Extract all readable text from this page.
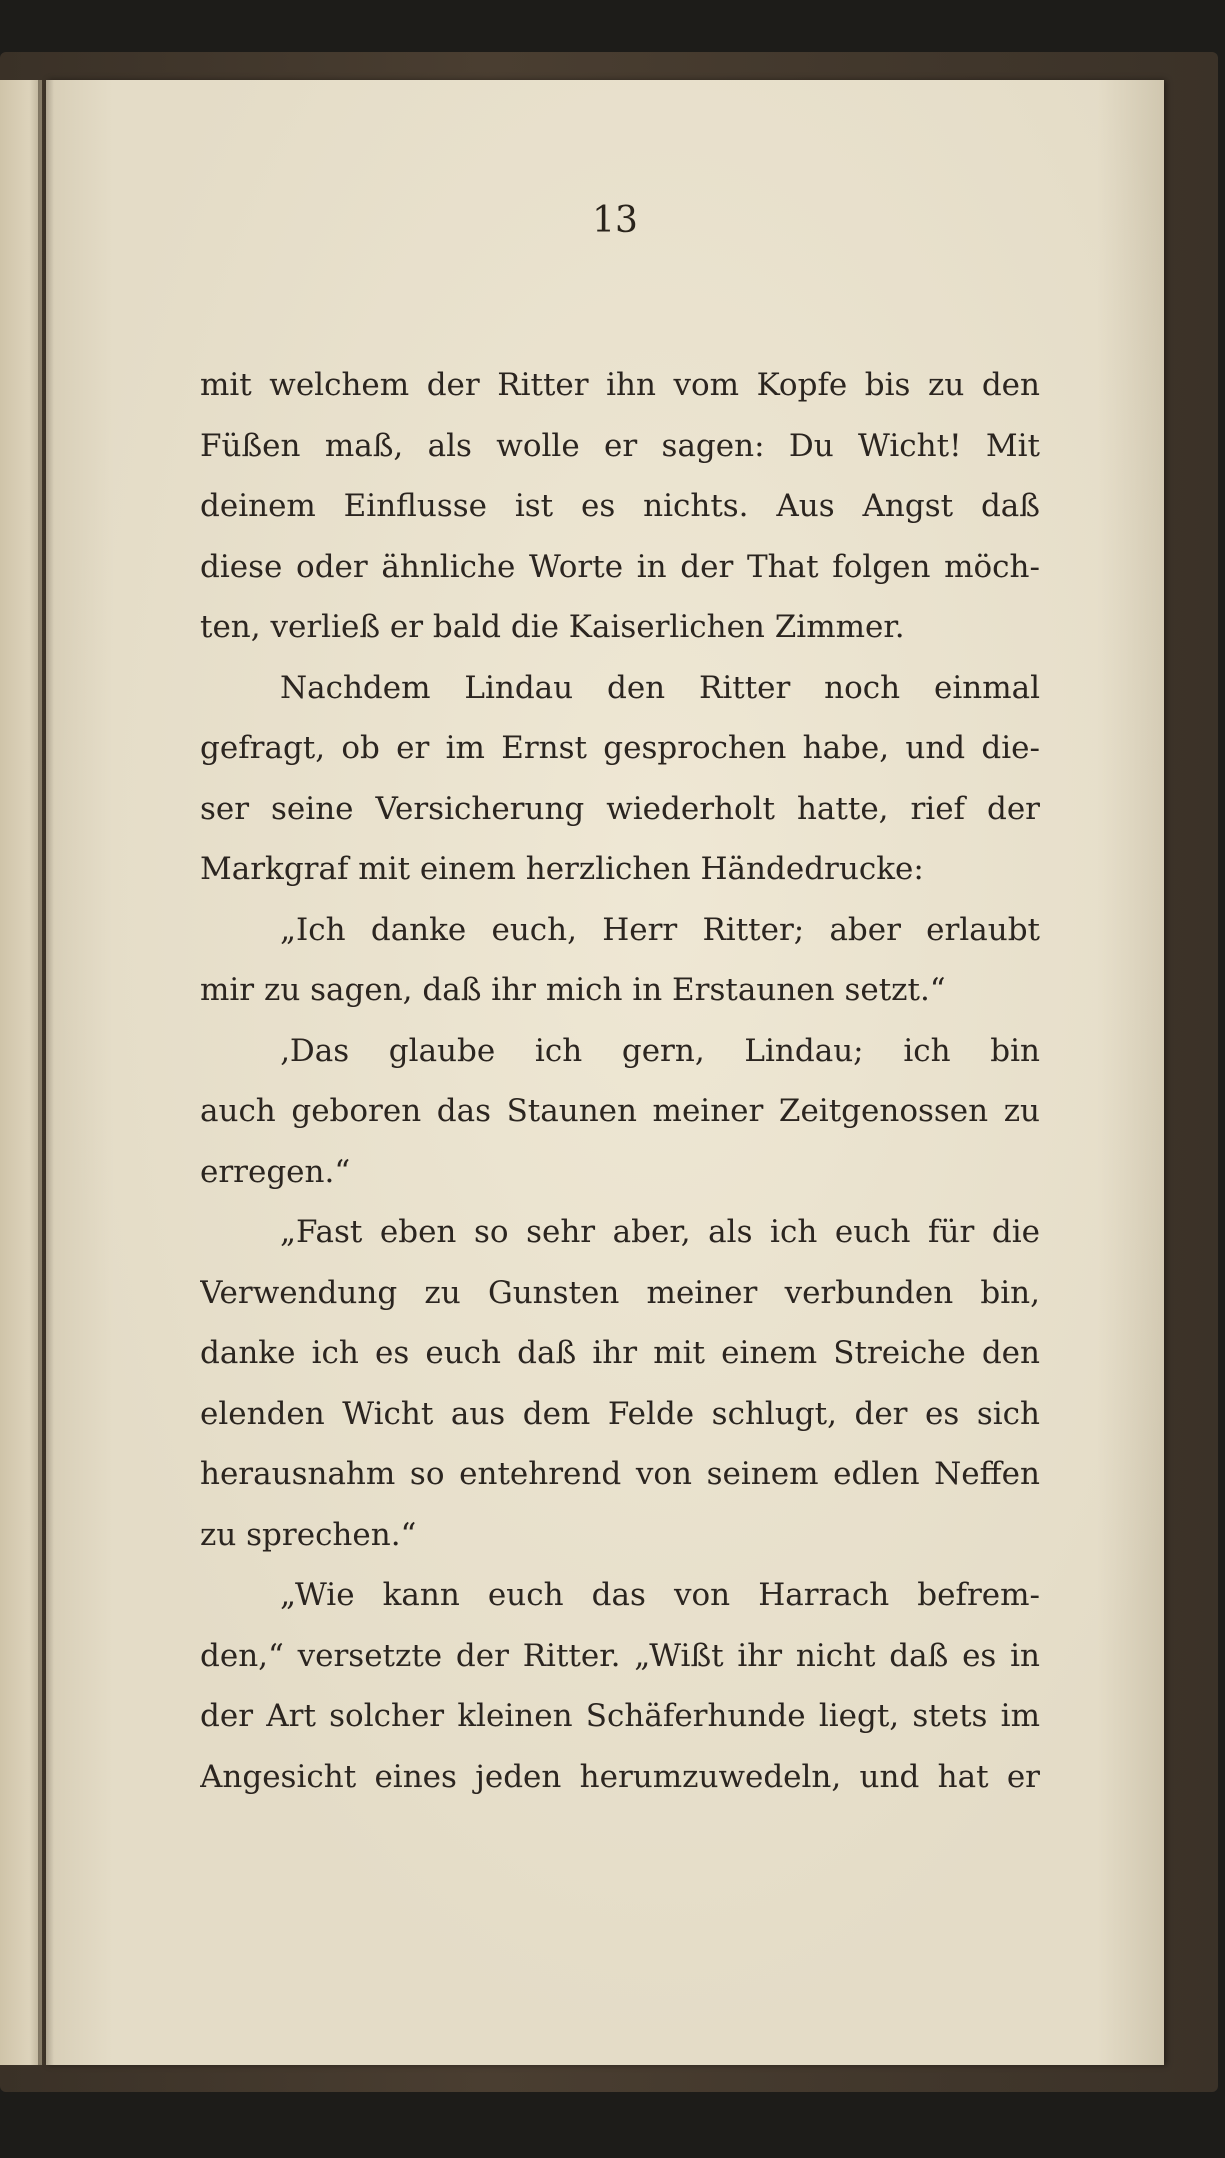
13
mit welchem der Ritter ihn vom Kopfe bis zu den
Füßen maß, als wolle er sagen: Du Wicht! Mit
deinem Einflusse ist es nichts. Aus Angst daß
diese oder ähnliche Worte in der That folgen möch-
ten, verließ er bald die Kaiserlichen Zimmer.
Nachdem Lindau den Ritter noch einmal
gefragt, ob er im Ernst gesprochen habe, und die-
ser seine Versicherung wiederholt hatte, rief der
Markgraf mit einem herzlichen Händedrucke:
„Ich danke euch, Herr Ritter; aber erlaubt
mir zu sagen, daß ihr mich in Erstaunen setzt.“
‚Das glaube ich gern, Lindau; ich bin
auch geboren das Staunen meiner Zeitgenossen zu
erregen.“
„Fast eben so sehr aber, als ich euch für die
Verwendung zu Gunsten meiner verbunden bin,
danke ich es euch daß ihr mit einem Streiche den
elenden Wicht aus dem Felde schlugt, der es sich
herausnahm so entehrend von seinem edlen Neffen
zu sprechen.“
„Wie kann euch das von Harrach befrem-
den,“ versetzte der Ritter. „Wißt ihr nicht daß es in
der Art solcher kleinen Schäferhunde liegt, stets im
Angesicht eines jeden herumzuwedeln, und hat er
